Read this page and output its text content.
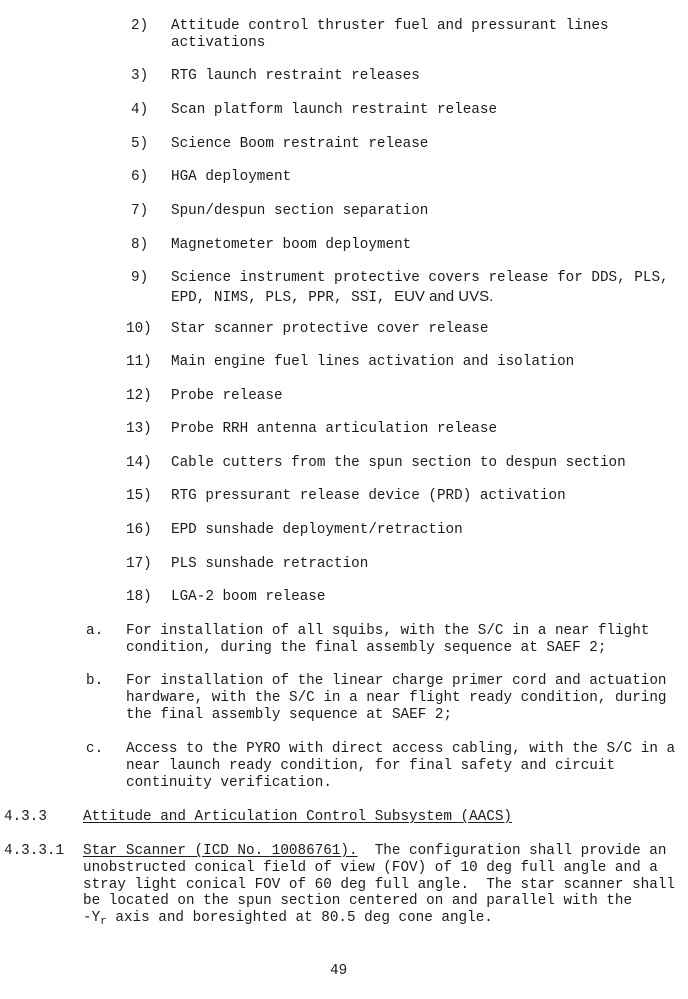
2) Attitude control thruster fuel and pressurant lines
activations
3) RTG launch restraint releases
4) Scan platform launch restraint release
5) Science Boom restraint release
6) HGA deployment
7) Spun/despun section separation
8) Magnetometer boom deployment
9) Science instrument protective covers release for DDS, PLS,
EPD, NIMS, PLS, PPR, SSI, EUV and UVS.
10) Star scanner protective cover release
11) Main engine fuel lines activation and isolation
12) Probe release
13) Probe RRH antenna articulation release
14) Cable cutters from the spun section to despun section
15) RTG pressurant release device (PRD) activation
16) EPD sunshade deployment/retraction
17) PLS sunshade retraction
18) LGA-2 boom release
a. For installation of all squibs, with the S/C in a near flight
condition, during the final assembly sequence at SAEF 2;
b. For installation of the linear charge primer cord and actuation
hardware, with the S/C in a near flight ready condition, during
the final assembly sequence at SAEF 2;
c. Access to the PYRO with direct access cabling, with the S/C in a
near launch ready condition, for final safety and circuit
continuity verification.
4.3.3	Attitude and Articulation Control Subsystem (AACS)
4.3.3.1 Star Scanner (ICD No. 10086761).  The configuration shall provide an
unobstructed conical field of view (FOV) of 10 deg full angle and a
stray light conical FOV of 60 deg full angle.  The star scanner shall
be located on the spun section centered on and parallel with the
$-Y_r$ axis and boresighted at 80.5 deg cone angle.
49
